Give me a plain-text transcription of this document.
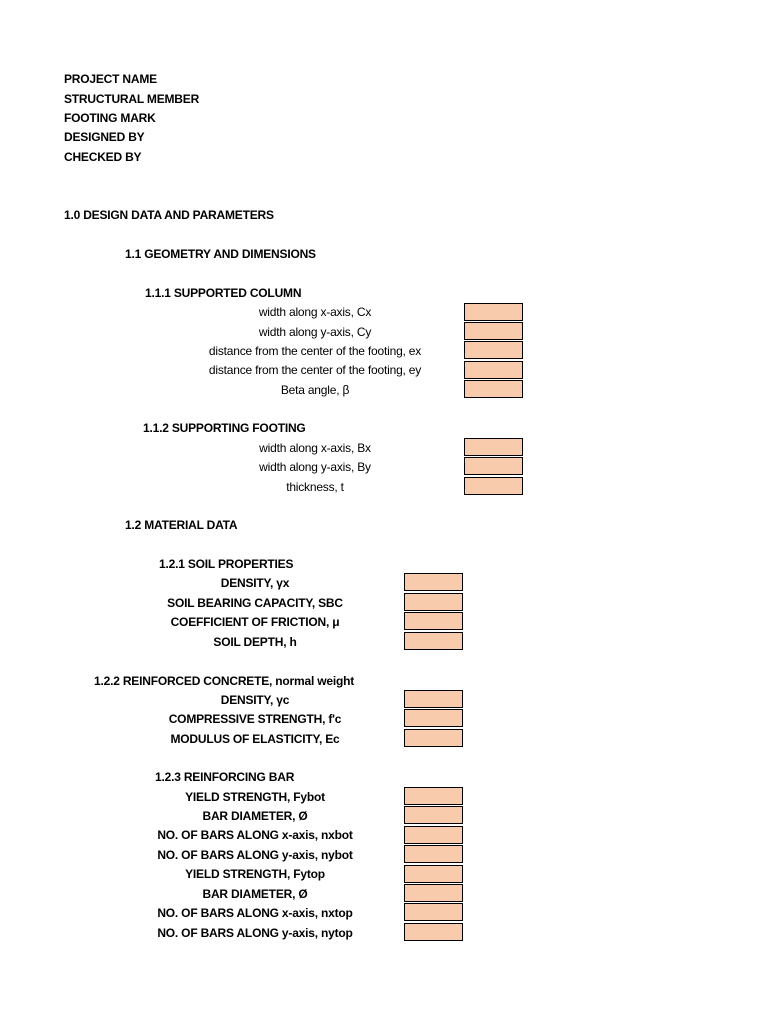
PROJECT NAME
STRUCTURAL MEMBER
FOOTING MARK
DESIGNED BY
CHECKED BY
1.0 DESIGN DATA AND PARAMETERS
1.1 GEOMETRY AND DIMENSIONS
1.1.1 SUPPORTED COLUMN
width along x-axis, Cx
width along y-axis, Cy
distance from the center of the footing, ex
distance from the center of the footing, ey
Beta angle, β
1.1.2 SUPPORTING FOOTING
width along x-axis, Bx
width along y-axis, By
thickness, t
1.2 MATERIAL DATA
1.2.1 SOIL PROPERTIES
DENSITY, γx
SOIL BEARING CAPACITY, SBC
COEFFICIENT OF FRICTION, μ
SOIL DEPTH, h
1.2.2 REINFORCED CONCRETE, normal weight
DENSITY, γc
COMPRESSIVE STRENGTH, f'c
MODULUS OF ELASTICITY, Ec
1.2.3 REINFORCING BAR
YIELD STRENGTH, Fybot
BAR DIAMETER, Ø
NO. OF BARS ALONG x-axis, nxbot
NO. OF BARS ALONG y-axis, nybot
YIELD STRENGTH, Fytop
BAR DIAMETER, Ø
NO. OF BARS ALONG x-axis, nxtop
NO. OF BARS ALONG y-axis, nytop
